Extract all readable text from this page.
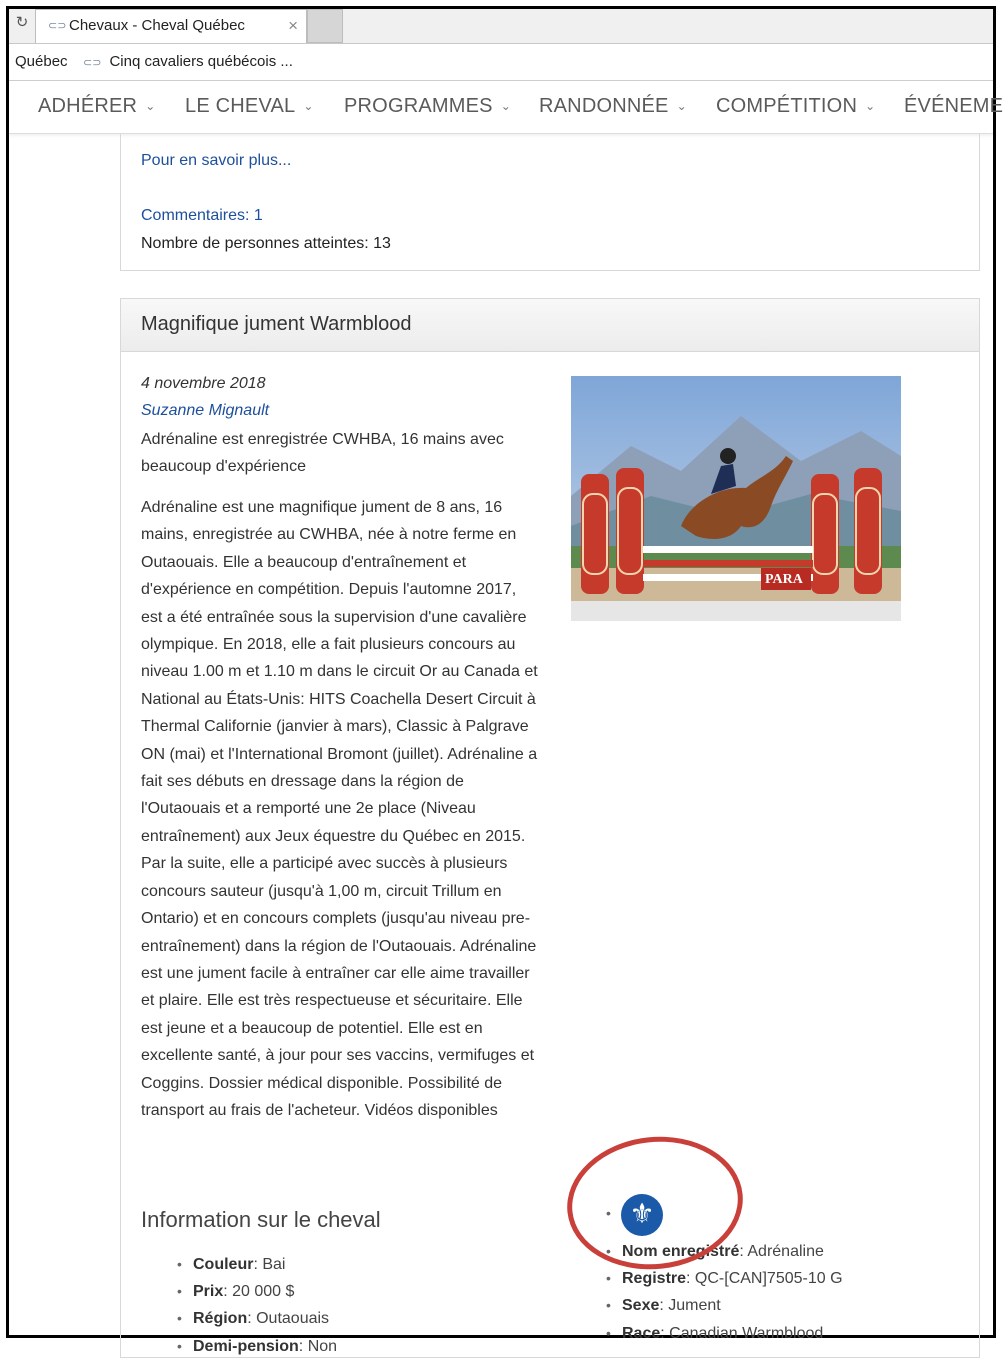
↻	⊂⊃ Chevaux - Cheval Québec	×
Québec ⊂⊃ Cinq cavaliers québécois ...
ADHÉRER ⌄ LE CHEVAL ⌄ PROGRAMMES ⌄ RANDONNÉE ⌄ COMPÉTITION ⌄ ÉVÉNEME
Pour en savoir plus...
Commentaires: 1
Nombre de personnes atteintes: 13
Magnifique jument Warmblood
4 novembre 2018
Suzanne Mignault
Adrénaline est enregistrée CWHBA, 16 mains avec beaucoup d'expérience
Adrénaline est une magnifique jument de 8 ans, 16 mains, enregistrée au CWHBA, née à notre ferme en Outaouais. Elle a beaucoup d'entraînement et d'expérience en compétition. Depuis l'automne 2017, est a été entraînée sous la supervision d'une cavalière olympique. En 2018, elle a fait plusieurs concours au niveau 1.00 m et 1.10 m dans le circuit Or au Canada et National au États-Unis: HITS Coachella Desert Circuit à Thermal Californie (janvier à mars), Classic à Palgrave ON (mai) et l'International Bromont (juillet). Adrénaline a fait ses débuts en dressage dans la région de l'Outaouais et a remporté une 2e place (Niveau entraînement) aux Jeux équestre du Québec en 2015. Par la suite, elle a participé avec succès à plusieurs concours sauteur (jusqu'à 1,00 m, circuit Trillum en Ontario) et en concours complets (jusqu'au niveau pre-entraînement) dans la région de l'Outaouais. Adrénaline est une jument facile à entraîner car elle aime travailler et plaire. Elle est très respectueuse et sécuritaire. Elle est jeune et a beaucoup de potentiel. Elle est en excellente santé, à jour pour ses vaccins, vermifuges et Coggins. Dossier médical disponible. Possibilité de transport au frais de l'acheteur. Vidéos disponibles
PARA
Information sur le cheval
• Couleur: Bai
• Prix: 20 000 $
• Région: Outaouais
• Demi-pension: Non
⚜
•
• Nom enregistré: Adrénaline
• Registre: QC-[CAN]7505-10 G
• Sexe: Jument
• Race: Canadian Warmblood
